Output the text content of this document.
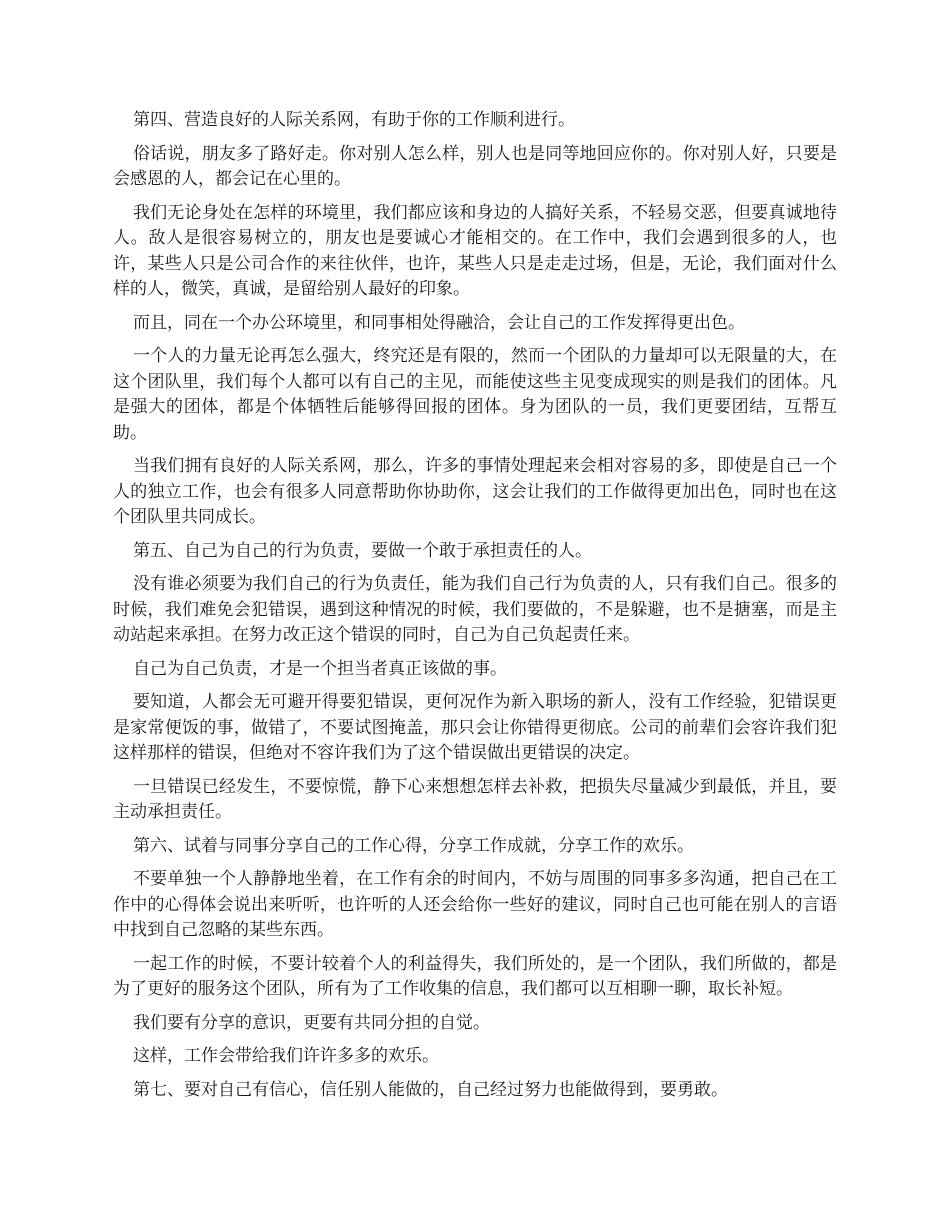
第四、营造良好的人际关系网，有助于你的工作顺利进行。

俗话说，朋友多了路好走。你对别人怎么样，别人也是同等地回应你的。你对别人好，只要是会感恩的人，都会记在心里的。

我们无论身处在怎样的环境里，我们都应该和身边的人搞好关系，不轻易交恶，但要真诚地待人。敌人是很容易树立的，朋友也是要诚心才能相交的。在工作中，我们会遇到很多的人，也许，某些人只是公司合作的来往伙伴，也许，某些人只是走走过场，但是，无论，我们面对什么样的人，微笑，真诚，是留给别人最好的印象。

而且，同在一个办公环境里，和同事相处得融洽，会让自己的工作发挥得更出色。

一个人的力量无论再怎么强大，终究还是有限的，然而一个团队的力量却可以无限量的大，在这个团队里，我们每个人都可以有自己的主见，而能使这些主见变成现实的则是我们的团体。凡是强大的团体，都是个体牺牲后能够得回报的团体。身为团队的一员，我们更要团结，互帮互助。

当我们拥有良好的人际关系网，那么，许多的事情处理起来会相对容易的多，即使是自己一个人的独立工作，也会有很多人同意帮助你协助你，这会让我们的工作做得更加出色，同时也在这个团队里共同成长。

第五、自己为自己的行为负责，要做一个敢于承担责任的人。

没有谁必须要为我们自己的行为负责任，能为我们自己行为负责的人，只有我们自己。很多的时候，我们难免会犯错误，遇到这种情况的时候，我们要做的，不是躲避，也不是搪塞，而是主动站起来承担。在努力改正这个错误的同时，自己为自己负起责任来。

自己为自己负责，才是一个担当者真正该做的事。

要知道，人都会无可避开得要犯错误，更何况作为新入职场的新人，没有工作经验，犯错误更是家常便饭的事，做错了，不要试图掩盖，那只会让你错得更彻底。公司的前辈们会容许我们犯这样那样的错误，但绝对不容许我们为了这个错误做出更错误的决定。

一旦错误已经发生，不要惊慌，静下心来想想怎样去补救，把损失尽量减少到最低，并且，要主动承担责任。

第六、试着与同事分享自己的工作心得，分享工作成就，分享工作的欢乐。

不要单独一个人静静地坐着，在工作有余的时间内，不妨与周围的同事多多沟通，把自己在工作中的心得体会说出来听听，也许听的人还会给你一些好的建议，同时自己也可能在别人的言语中找到自己忽略的某些东西。

一起工作的时候，不要计较着个人的利益得失，我们所处的，是一个团队，我们所做的，都是为了更好的服务这个团队，所有为了工作收集的信息，我们都可以互相聊一聊，取长补短。

我们要有分享的意识，更要有共同分担的自觉。

这样，工作会带给我们许许多多的欢乐。

第七、要对自己有信心，信任别人能做的，自己经过努力也能做得到，要勇敢。
